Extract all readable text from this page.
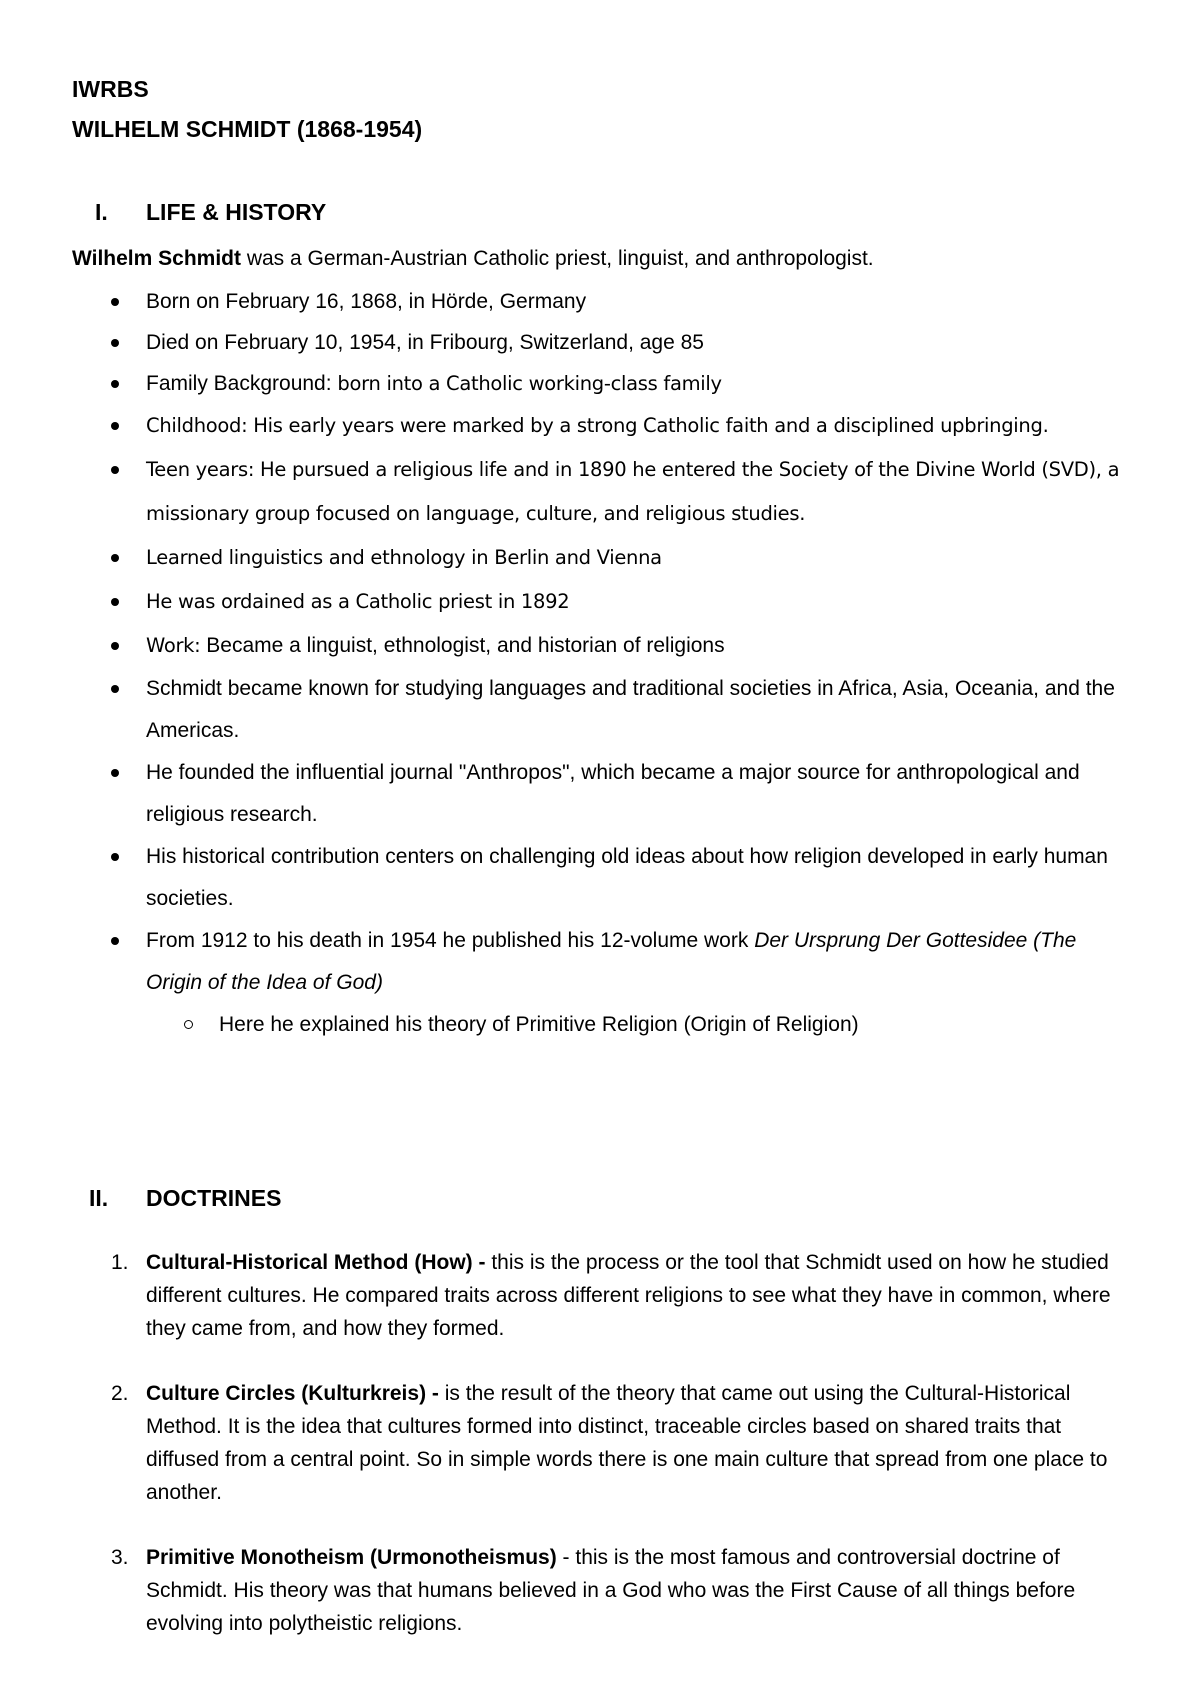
IWRBS
WILHELM SCHMIDT (1868-1954)
I. LIFE & HISTORY
Wilhelm Schmidt was a German-Austrian Catholic priest, linguist, and anthropologist.
Born on February 16, 1868, in Hörde, Germany
Died on February 10, 1954, in Fribourg, Switzerland, age 85
Family Background: born into a Catholic working-class family
Childhood: His early years were marked by a strong Catholic faith and a disciplined upbringing.
Teen years: He pursued a religious life and in 1890 he entered the Society of the Divine World (SVD), a missionary group focused on language, culture, and religious studies.
Learned linguistics and ethnology in Berlin and Vienna
He was ordained as a Catholic priest in 1892
Work: Became a linguist, ethnologist, and historian of religions
Schmidt became known for studying languages and traditional societies in Africa, Asia, Oceania, and the Americas.
He founded the influential journal "Anthropos", which became a major source for anthropological and religious research.
His historical contribution centers on challenging old ideas about how religion developed in early human societies.
From 1912 to his death in 1954 he published his 12-volume work Der Ursprung Der Gottesidee (The Origin of the Idea of God)
Here he explained his theory of Primitive Religion (Origin of Religion)
II. DOCTRINES
1. Cultural-Historical Method (How) - this is the process or the tool that Schmidt used on how he studied different cultures. He compared traits across different religions to see what they have in common, where they came from, and how they formed.
2. Culture Circles (Kulturkreis) - is the result of the theory that came out using the Cultural-Historical Method. It is the idea that cultures formed into distinct, traceable circles based on shared traits that diffused from a central point. So in simple words there is one main culture that spread from one place to another.
3. Primitive Monotheism (Urmonotheismus) - this is the most famous and controversial doctrine of Schmidt. His theory was that humans believed in a God who was the First Cause of all things before evolving into polytheistic religions.
